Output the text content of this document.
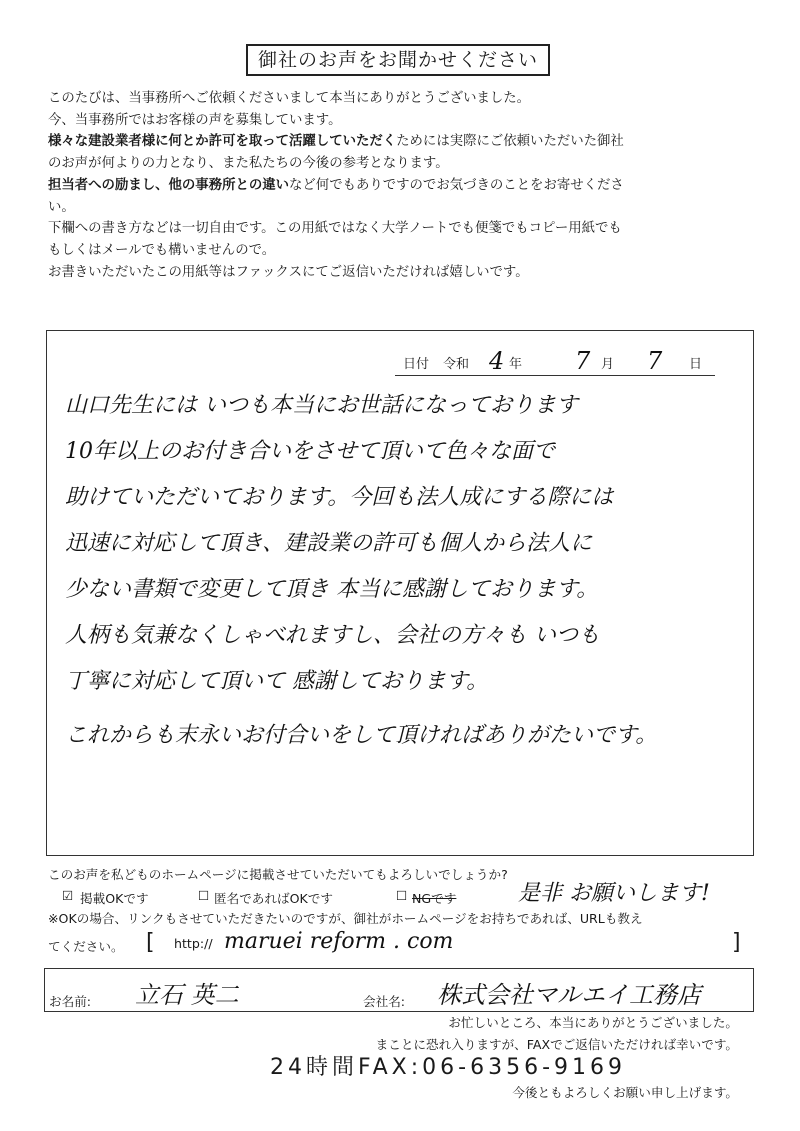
御社のお声をお聞かせください

このたびは、当事務所へご依頼くださいまして本当にありがとうございました。

今、当事務所ではお客様の声を募集しています。

様々な建設業者様に何とか許可を取って活躍していただくためには実際にご依頼いただいた御社

のお声が何よりの力となり、また私たちの今後の参考となります。

担当者への励まし、他の事務所との違いなど何でもありですのでお気づきのことをお寄せくださ

い。

下欄への書き方などは一切自由です。この用紙ではなく大学ノートでも便箋でもコピー用紙でも

もしくはメールでも構いませんので。

お書きいただいたこの用紙等はファックスにてご返信いただければ嬉しいです。

日付 令和 4 年 7 月 7 日
山口先生には いつも本当にお世話になっております
10年以上のお付き合いをさせて頂いて色々な面で
助けていただいております。今回も法人成にする際には
迅速に対応して頂き、建設業の許可も個人から法人に
少ない書類で変更して頂き 本当に感謝しております。
人柄も気兼なくしゃべれますし、会社の方々も いつも
丁寧に対応して頂いて 感謝しております。
これからも末永いお付合いをして頂ければありがたいです。
このお声を私どものホームページに掲載させていただいてもよろしいでしょうか?
☑ 掲載OKです	☐ 匿名であればOKです	☐ NGです	是非 お願いします!
※OKの場合、リンクもさせていただきたいのですが、御社がホームページをお持ちであれば、URLも教え
てください。 [ http:// maruei reform . com	]
お名前: 立石 英二	会社名: 株式会社マルエイ工務店
お忙しいところ、本当にありがとうございました。
まことに恐れ入りますが、FAXでご返信いただければ幸いです。
24時間FAX:06-6356-9169
今後ともよろしくお願い申し上げます。
